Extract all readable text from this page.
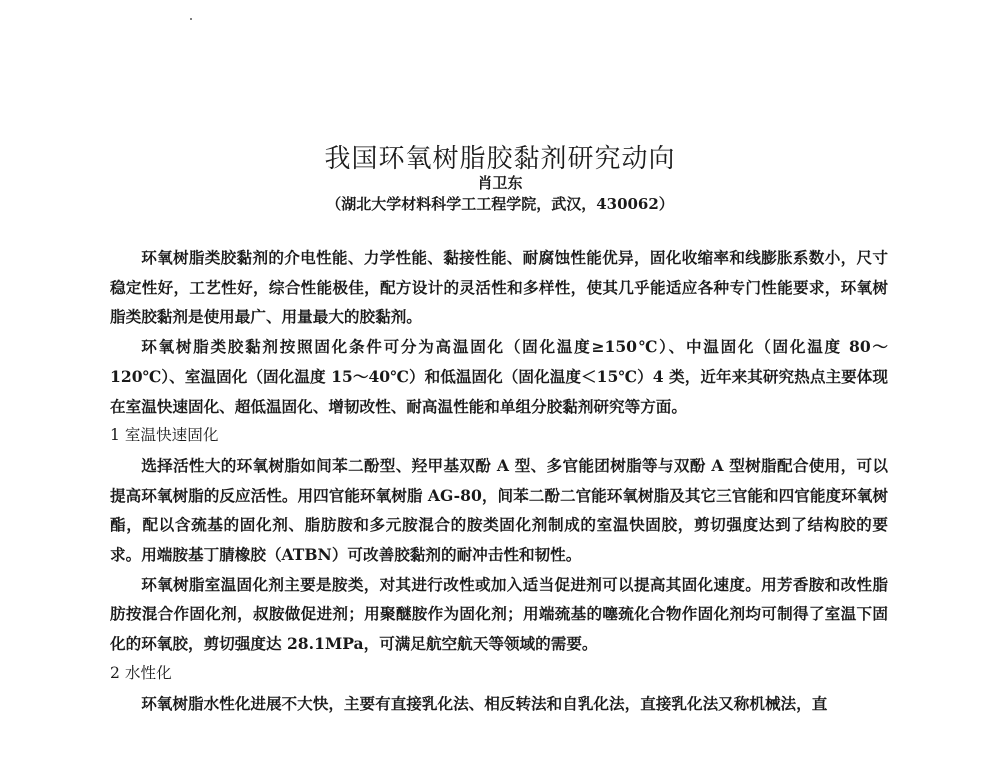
我国环氧树脂胶黏剂研究动向

肖卫东

（湖北大学材料科学工工程学院，武汉，430062）

环氧树脂类胶黏剂的介电性能、力学性能、黏接性能、耐腐蚀性能优异，固化收缩率和线膨胀系数小，尺寸稳定性好，工艺性好，综合性能极佳，配方设计的灵活性和多样性，使其几乎能适应各种专门性能要求，环氧树脂类胶黏剂是使用最广、用量最大的胶黏剂。

环氧树脂类胶黏剂按照固化条件可分为高温固化（固化温度≥150℃）、中温固化（固化温度 80～120℃）、室温固化（固化温度 15～40℃）和低温固化（固化温度＜15℃）4 类，近年来其研究热点主要体现在室温快速固化、超低温固化、增韧改性、耐高温性能和单组分胶黏剂研究等方面。

1 室温快速固化

选择活性大的环氧树脂如间苯二酚型、羟甲基双酚 A 型、多官能团树脂等与双酚 A 型树脂配合使用，可以提高环氧树脂的反应活性。用四官能环氧树脂 AG-80，间苯二酚二官能环氧树脂及其它三官能和四官能度环氧树酯，配以含巯基的固化剂、脂肪胺和多元胺混合的胺类固化剂制成的室温快固胶，剪切强度达到了结构胶的要求。用端胺基丁腈橡胶（ATBN）可改善胶黏剂的耐冲击性和韧性。

环氧树脂室温固化剂主要是胺类，对其进行改性或加入适当促进剂可以提高其固化速度。用芳香胺和改性脂肪按混合作固化剂，叔胺做促进剂；用聚醚胺作为固化剂；用端巯基的噻巯化合物作固化剂均可制得了室温下固化的环氧胶，剪切强度达 28.1MPa，可满足航空航天等领域的需要。

2 水性化

环氧树脂水性化进展不大快，主要有直接乳化法、相反转法和自乳化法，直接乳化法又称机械法，直
